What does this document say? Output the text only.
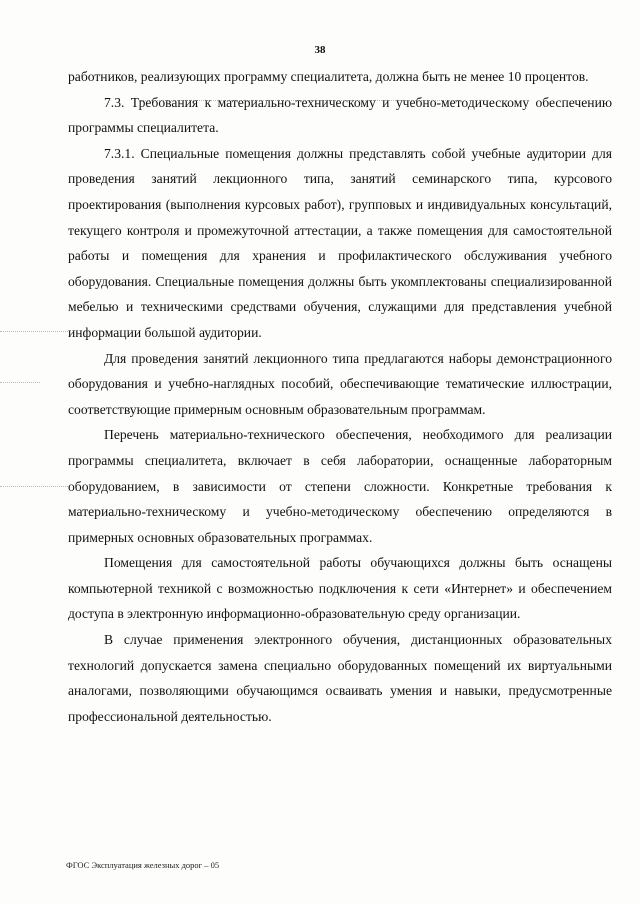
38

работников, реализующих программу специалитета, должна быть не менее 10 процентов.

7.3. Требования к материально-техническому и учебно-методическому обеспечению программы специалитета.

7.3.1. Специальные помещения должны представлять собой учебные аудитории для проведения занятий лекционного типа, занятий семинарского типа, курсового проектирования (выполнения курсовых работ), групповых и индивидуальных консультаций, текущего контроля и промежуточной аттестации, а также помещения для самостоятельной работы и помещения для хранения и профилактического обслуживания учебного оборудования. Специальные помещения должны быть укомплектованы специализированной мебелью и техническими средствами обучения, служащими для представления учебной информации большой аудитории.

Для проведения занятий лекционного типа предлагаются наборы демонстрационного оборудования и учебно-наглядных пособий, обеспечивающие тематические иллюстрации, соответствующие примерным основным образовательным программам.

Перечень материально-технического обеспечения, необходимого для реализации программы специалитета, включает в себя лаборатории, оснащенные лабораторным оборудованием, в зависимости от степени сложности. Конкретные требования к материально-техническому и учебно-методическому обеспечению определяются в примерных основных образовательных программах.

Помещения для самостоятельной работы обучающихся должны быть оснащены компьютерной техникой с возможностью подключения к сети «Интернет» и обеспечением доступа в электронную информационно-образовательную среду организации.

В случае применения электронного обучения, дистанционных образовательных технологий допускается замена специально оборудованных помещений их виртуальными аналогами, позволяющими обучающимся осваивать умения и навыки, предусмотренные профессиональной деятельностью.

ФГОС Эксплуатация железных дорог – 05
